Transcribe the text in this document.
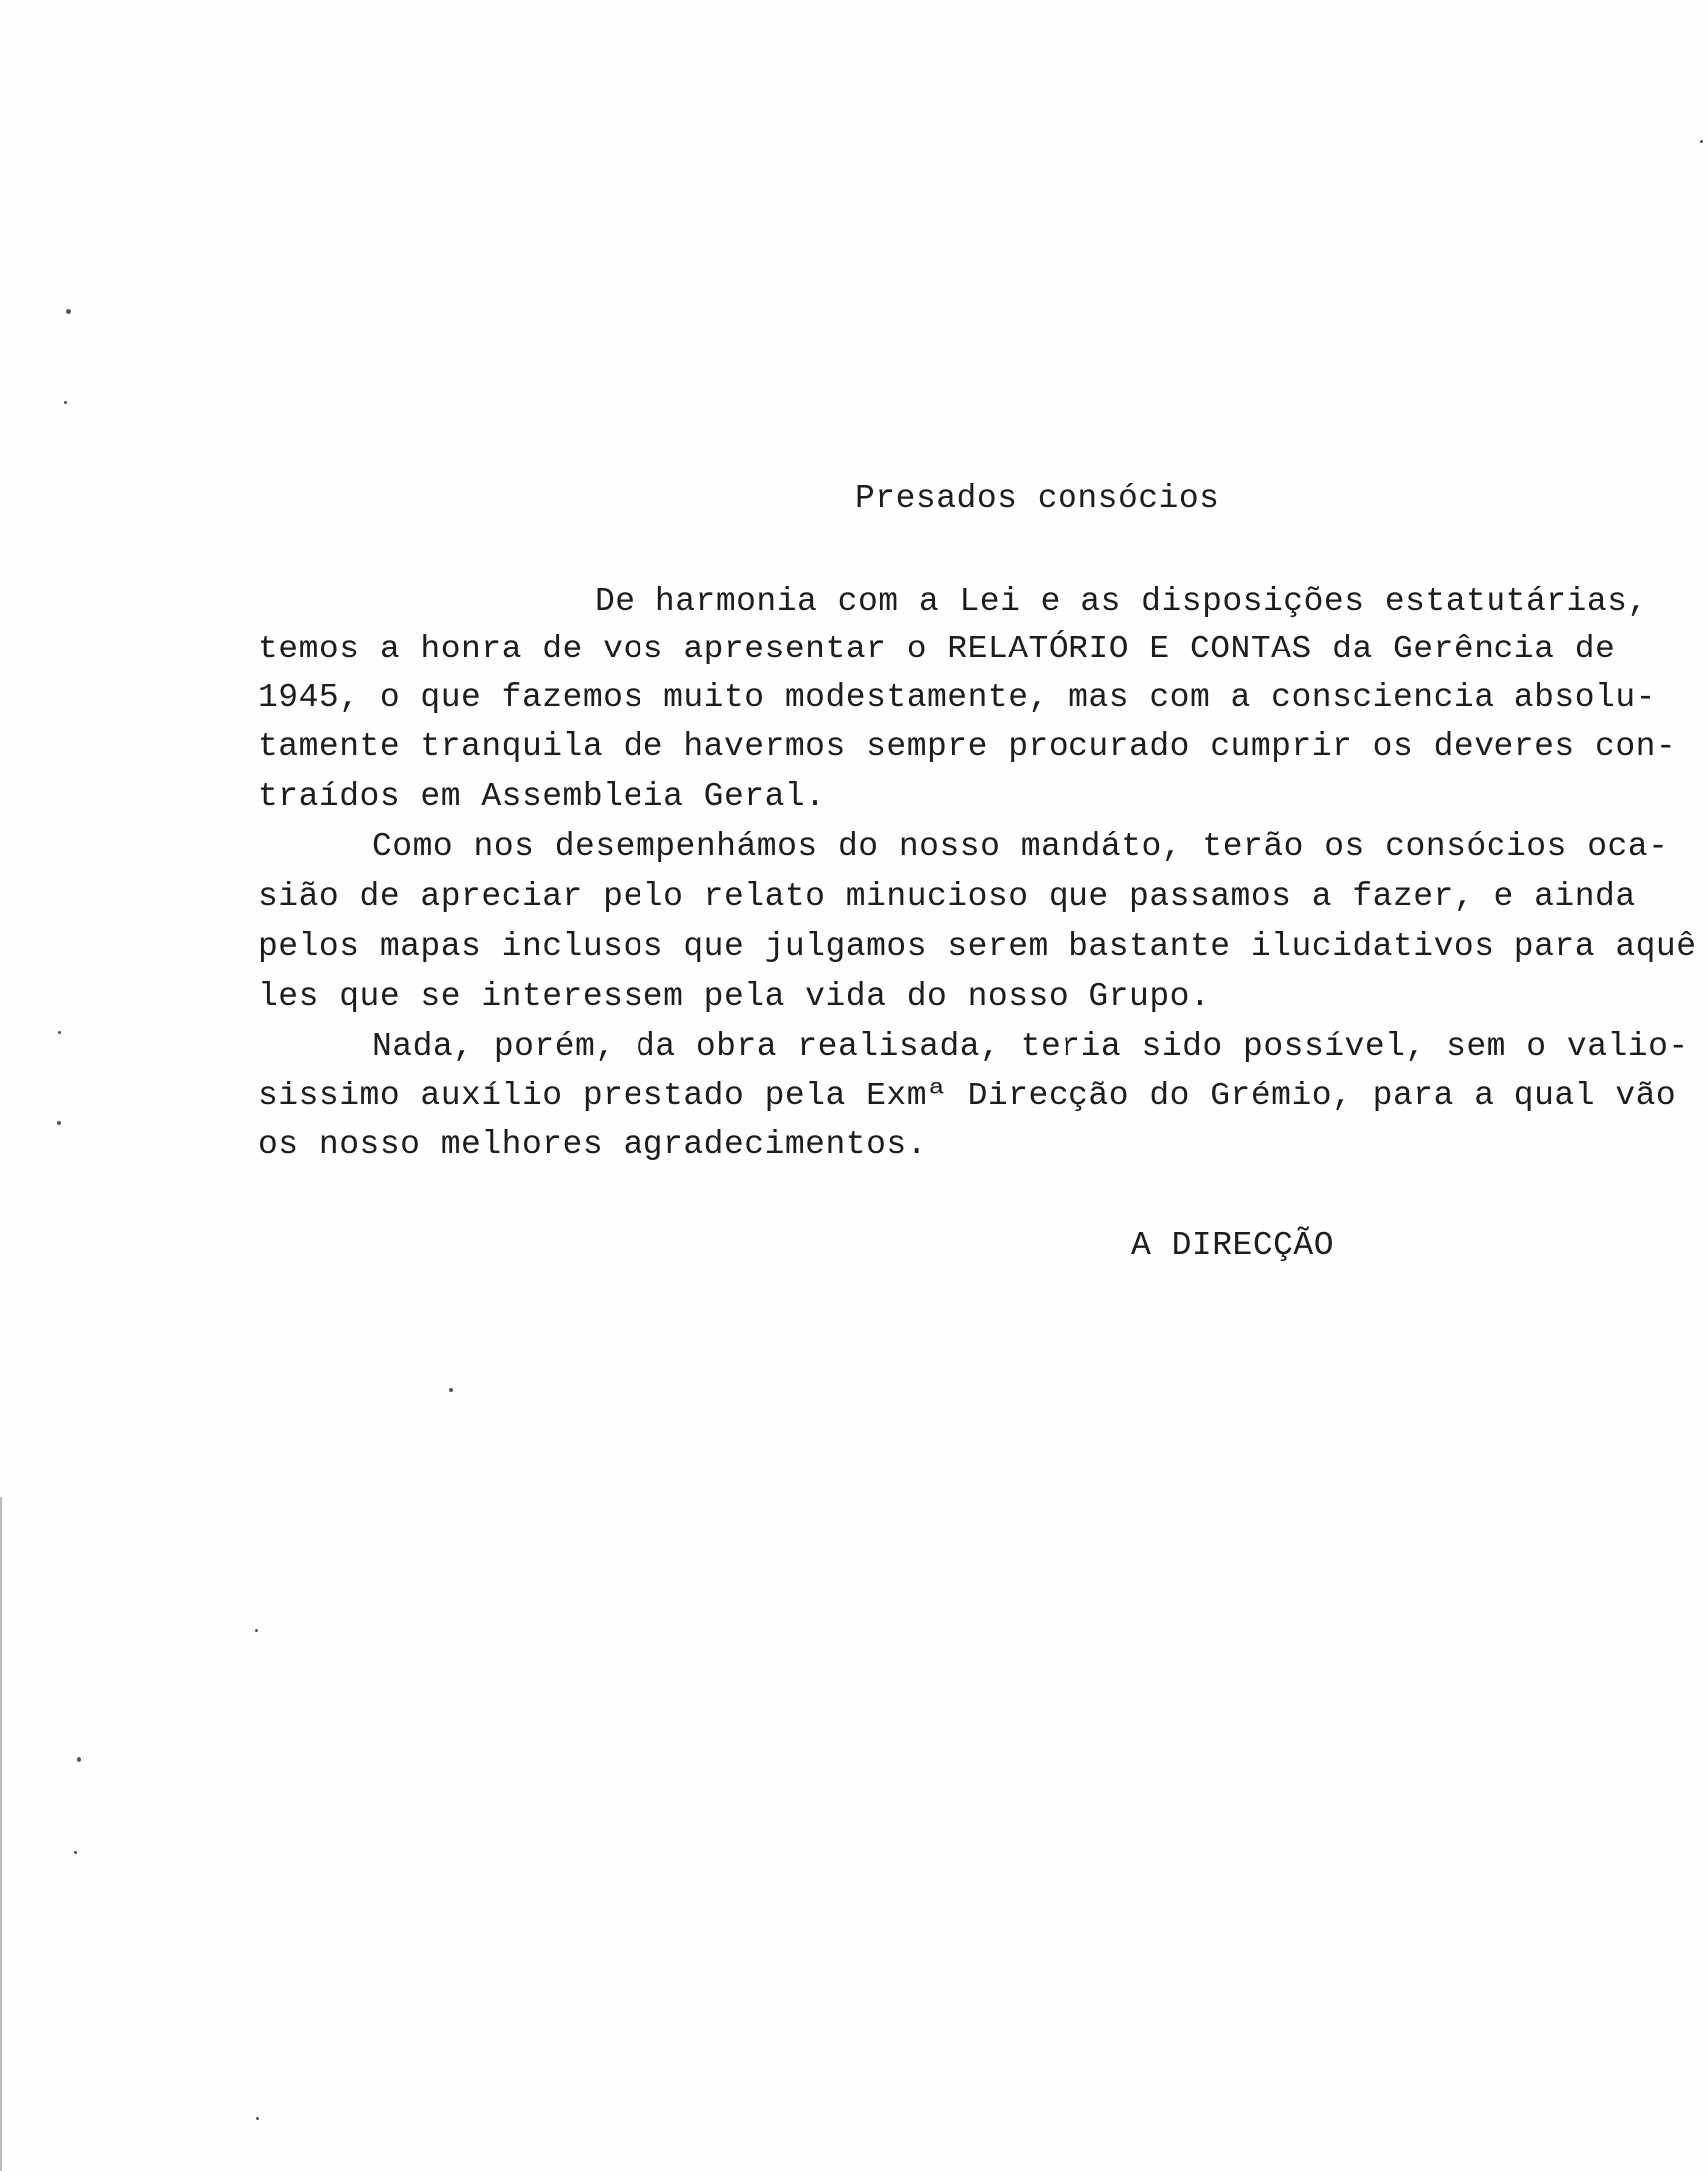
Presados consócios
De harmonia com a Lei e as disposições estatutárias,
temos a honra de vos apresentar o RELATÓRIO E CONTAS da Gerência de
1945, o que fazemos muito modestamente, mas com a consciencia absolu-
tamente tranquila de havermos sempre procurado cumprir os deveres con-
traídos em Assembleia Geral.
Como nos desempenhámos do nosso mandáto, terão os consócios oca-
sião de apreciar pelo relato minucioso que passamos a fazer, e ainda
pelos mapas inclusos que julgamos serem bastante ilucidativos para aquê
les que se interessem pela vida do nosso Grupo.
Nada, porém, da obra realisada, teria sido possível, sem o valio-
sissimo auxílio prestado pela Exmª Direcção do Grémio, para a qual vão
os nosso melhores agradecimentos.
A DIRECÇÃO
